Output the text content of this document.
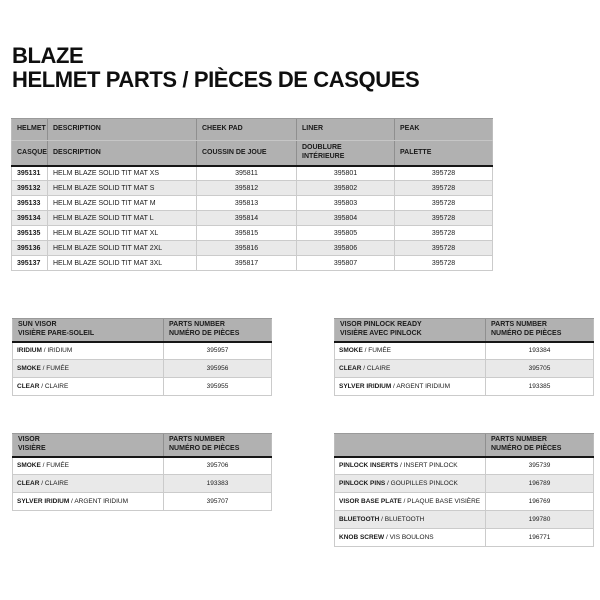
BLAZE
HELMET PARTS / PIÈCES DE CASQUES
HELMET	DESCRIPTION	CHEEK PAD	LINER	PEAK

CASQUE	DESCRIPTION	COUSSIN DE JOUE	DOUBLURE INTÉRIEURE	PALETTE

395131	HELM BLAZE SOLID TIT MAT XS	395811	395801	395728
395132	HELM BLAZE SOLID TIT MAT S	395812	395802	395728
395133	HELM BLAZE SOLID TIT MAT M	395813	395803	395728
395134	HELM BLAZE SOLID TIT MAT L	395814	395804	395728
395135	HELM BLAZE SOLID TIT MAT XL	395815	395805	395728
395136	HELM BLAZE SOLID TIT MAT 2XL	395816	395806	395728
395137	HELM BLAZE SOLID TIT MAT 3XL	395817	395807	395728
SUN VISOR
VISIÈRE PARE-SOLEIL	PARTS NUMBER
NUMÉRO DE PIÈCES

IRIDIUM / IRIDIUM	395957
SMOKE / FUMÉE	395956
CLEAR / CLAIRE	395955
VISOR PINLOCK READY
VISIÈRE AVEC PINLOCK	PARTS NUMBER
NUMÉRO DE PIÈCES

SMOKE / FUMÉE	193384
CLEAR / CLAIRE	395705
SYLVER IRIDIUM / ARGENT IRIDIUM	193385
VISOR
VISIÈRE	PARTS NUMBER
NUMÉRO DE PIÈCES

SMOKE / FUMÉE	395706
CLEAR / CLAIRE	193383
SYLVER IRIDIUM / ARGENT IRIDIUM	395707

	PARTS NUMBER
NUMÉRO DE PIÈCES

PINLOCK INSERTS / INSERT PINLOCK	395739
PINLOCK PINS / GOUPILLES PINLOCK	196789
VISOR BASE PLATE / PLAQUE BASE VISIÈRE	196769
BLUETOOTH / BLUETOOTH	199780
KNOB SCREW / VIS BOULONS	196771
